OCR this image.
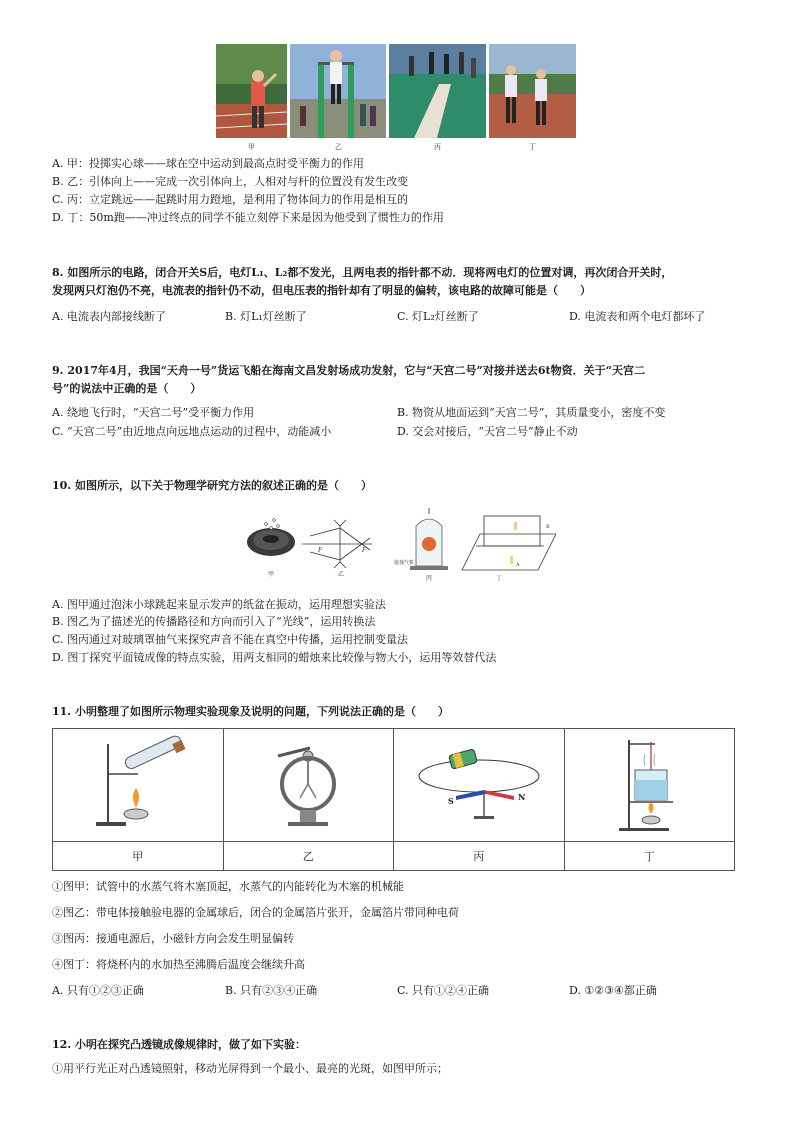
甲	乙	丙	丁
A. 甲：投掷实心球——球在空中运动到最高点时受平衡力的作用
B. 乙：引体向上——完成一次引体向上，人相对与杆的位置没有发生改变
C. 丙：立定跳远——起跳时用力蹬地，是利用了物体间力的作用是相互的
D. 丁：50m跑——冲过终点的同学不能立刻停下来是因为他受到了惯性力的作用
8. 如图所示的电路，闭合开关S后，电灯L₁、L₂都不发光，且两电表的指针都不动．现将两电灯的位置对调，再次闭合开关时，
发现两只灯泡仍不亮，电流表的指针仍不动，但电压表的指针却有了明显的偏转，该电路的故障可能是（　　）
A. 电流表内部接线断了	B. 灯L₁灯丝断了	C. 灯L₂灯丝断了	D. 电流表和两个电灯都坏了
9. 2017年4月，我国“天舟一号”货运飞船在海南文昌发射场成功发射，它与“天宫二号”对接并送去6t物资．关于“天宫二
号”的说法中正确的是（　　）
A. 绕地飞行时，“天宫二号”受平衡力作用	B. 物资从地面运到“天宫二号”，其质量变小，密度不变
C. “天宫二号”由近地点向远地点运动的过程中，动能减小	D. 交会对接后，“天宫二号”静止不动
10. 如图所示，以下关于物理学研究方法的叙述正确的是（　　）
甲
F	F
乙
接抽气机
丙
A
B
丁
A. 图甲通过泡沫小球跳起来显示发声的纸盆在振动，运用理想实验法
B. 图乙为了描述光的传播路径和方向而引入了“光线”，运用转换法
C. 图丙通过对玻璃罩抽气来探究声音不能在真空中传播，运用控制变量法
D. 图丁探究平面镜成像的特点实验，用两支相同的蜡烛来比较像与物大小，运用等效替代法
11. 小明整理了如图所示物理实验现象及说明的问题，下列说法正确的是（　　）

S N

甲	乙	丙	丁
①图甲：试管中的水蒸气将木塞顶起，水蒸气的内能转化为木塞的机械能
②图乙：带电体接触验电器的金属球后，闭合的金属箔片张开，金属箔片带同种电荷
③图丙：接通电源后，小磁针方向会发生明显偏转
④图丁：将烧杯内的水加热至沸腾后温度会继续升高
A. 只有①②③正确	B. 只有②③④正确	C. 只有①②④正确	D. ①②③④都正确
12. 小明在探究凸透镜成像规律时，做了如下实验：
①用平行光正对凸透镜照射，移动光屏得到一个最小、最亮的光斑，如图甲所示；
